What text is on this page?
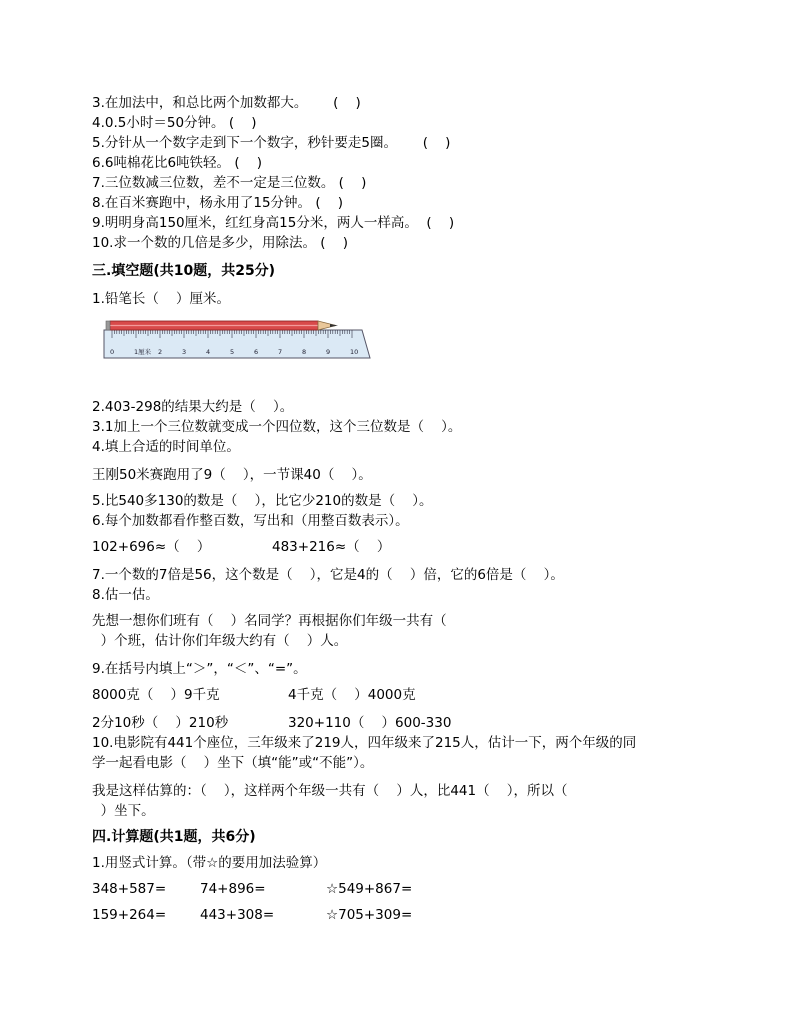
3.在加法中，和总比两个加数都大。      (    )
4.0.5小时＝50分钟。 (    )
5.分针从一个数字走到下一个数字，秒针要走5圈。      (    )
6.6吨棉花比6吨铁轻。 (    )
7.三位数减三位数，差不一定是三位数。 (    )
8.在百米赛跑中，杨永用了15分钟。 (    )
9.明明身高150厘米，红红身高15分米，两人一样高。  (    )
10.求一个数的几倍是多少，用除法。 (    )
三.填空题(共10题，共25分)
1.铅笔长（    ）厘米。
0	1厘米 2	3	4	5	6	7	8	9	10
2.403-298的结果大约是（    ）。
3.1加上一个三位数就变成一个四位数，这个三位数是（    ）。
4.填上合适的时间单位。
王刚50米赛跑用了9（    ），一节课40（    ）。
5.比540多130的数是（    ），比它少210的数是（    ）。
6.每个加数都看作整百数，写出和（用整百数表示）。
102+696≈（    ）	483+216≈（    ）
7.一个数的7倍是56，这个数是（    ），它是4的（    ）倍，它的6倍是（    ）。
8.估一估。
先想一想你们班有（    ）名同学？再根据你们年级一共有（
）个班，估计你们年级大约有（    ）人。
9.在括号内填上“＞”，“＜”、“=”。
8000克（    ）9千克	4千克（    ）4000克
2分10秒（    ）210秒	320+110（    ）600-330
10.电影院有441个座位，三年级来了219人，四年级来了215人，估计一下，两个年级的同
学一起看电影（    ）坐下（填“能”或“不能”）。
我是这样估算的：（    ），这样两个年级一共有（    ）人，比441（    ），所以（
）坐下。
四.计算题(共1题，共6分)
1.用竖式计算。（带☆的要用加法验算）
348+587=	74+896=	☆549+867=
159+264=	443+308=	☆705+309=
